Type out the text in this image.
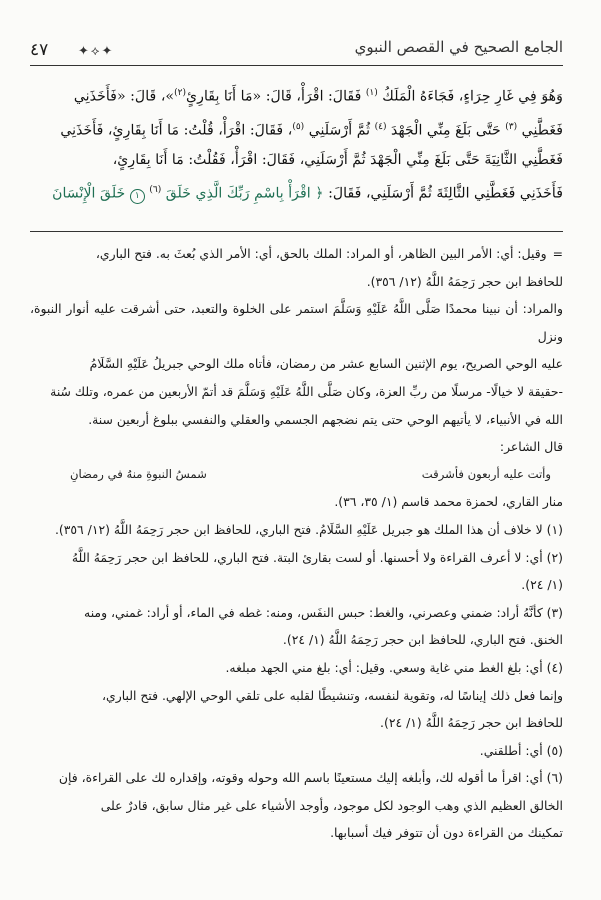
الجامع الصحيح في القصص النبوي
✦⟡✦
٤٧

وَهُوَ فِي غَارِ حِرَاءٍ، فَجَاءَهُ الْمَلَكُ $^{(١)}$ فَقَالَ: اقْرَأْ، قَالَ: «مَا أَنَا بِقَارِئٍ$^{(٢)}$»، قَالَ: «فَأَخَذَنِي

فَغَطَّنِي $^{(٣)}$ حَتَّى بَلَغَ مِنِّي الْجَهْدَ $^{(٤)}$ ثُمَّ أَرْسَلَنِي $^{(٥)}$، فَقَالَ: اقْرَأْ، قُلْتُ: مَا أَنَا بِقَارِئٍ، فَأَخَذَنِي

فَغَطَّنِي الثَّانِيَةَ حَتَّى بَلَغَ مِنِّي الْجَهْدَ ثُمَّ أَرْسَلَنِي، فَقَالَ: اقْرَأْ، فَقُلْتُ: مَا أَنَا بِقَارِئٍ،

فَأَخَذَنِي فَغَطَّنِي الثَّالِثَةَ ثُمَّ أَرْسَلَنِي، فَقَالَ: ﴿ اقْرَأْ بِاسْمِ رَبِّكَ الَّذِي خَلَقَ $^{(٦)}$ ١ خَلَقَ الْإِنْسَانَ

=وقيل: أي: الأمر البين الظاهر، أو المراد: الملك بالحق، أي: الأمر الذي بُعثَ به. فتح الباري،

للحافظ ابن حجر رَحِمَهُ اللَّهُ (١٢/ ٣٥٦).

والمراد: أن نبينا محمدًا صَلَّى اللَّهُ عَلَيْهِ وَسَلَّمَ استمر على الخلوة والتعبد، حتى أشرقت عليه أنوار النبوة، ونزل

عليه الوحي الصريح، يوم الإثنين السابع عشر من رمضان، فأتاه ملك الوحي جبريلُ عَلَيْهِ السَّلَامُ

-حقيقة لا خيالًا- مرسلًا من ربِّ العزة، وكان صَلَّى اللَّهُ عَلَيْهِ وَسَلَّمَ قد أتمّ الأربعين من عمره، وتلك سُنة

الله في الأنبياء، لا يأتيهم الوحي حتى يتم نضجهم الجسمي والعقلي والنفسي ببلوغ أربعين سنة.

قال الشاعر:

وأتت عليه أربعون فأشرقت
شمسُ النبوةِ منهُ في رمضانِ

منار القاري، لحمزة محمد قاسم (١/ ٣٥، ٣٦).

(١) لا خلاف أن هذا الملك هو جبريل عَلَيْهِ السَّلَامُ. فتح الباري، للحافظ ابن حجر رَحِمَهُ اللَّهُ (١٢/ ٣٥٦).

(٢) أي: لا أعرف القراءة ولا أحسنها. أو لست بقارئ البتة. فتح الباري، للحافظ ابن حجر رَحِمَهُ اللَّهُ

(١/ ٢٤).

(٣) كأنَّهُ أراد: ضمني وعصرني، والغط: حبس النفَس، ومنه: غطه في الماء، أو أراد: غمني، ومنه

الخنق. فتح الباري، للحافظ ابن حجر رَحِمَهُ اللَّهُ (١/ ٢٤).

(٤) أي: بلغ الغط مني غاية وسعي. وقيل: أي: بلغ مني الجهد مبلغه.

وإنما فعل ذلك إيناسًا له، وتقوية لنفسه، وتنشيطًا لقلبه على تلقي الوحي الإلهي. فتح الباري،

للحافظ ابن حجر رَحِمَهُ اللَّهُ (١/ ٢٤).

(٥) أي: أطلقني.

(٦) أي: اقرأ ما أقوله لك، وأبلغه إليك مستعينًا باسم الله وحوله وقوته، وإقداره لك على القراءة، فإن

الخالق العظيم الذي وهب الوجود لكل موجود، وأوجد الأشياء على غير مثال سابق، قادرٌ على

تمكينك من القراءة دون أن تتوفر فيك أسبابها.
